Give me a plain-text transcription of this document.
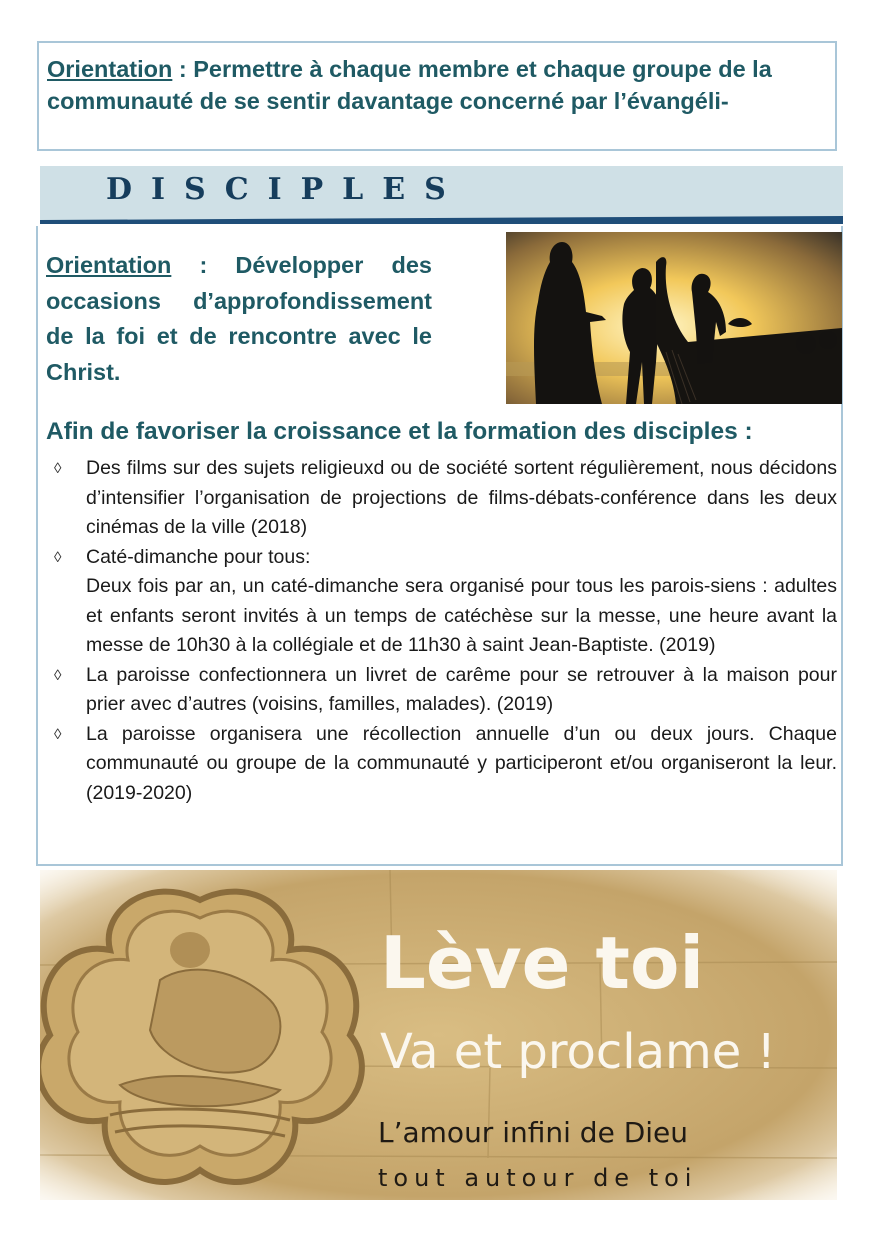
Orientation : Permettre à chaque membre et chaque groupe de la communauté de se sentir davantage concerné par l’évangéli-
DISCIPLES
Orientation : Développer des occasions d’approfondissement de la foi et de rencontre avec le Christ.
Afin de favoriser la croissance et la formation des disciples :
◊ Des films sur des sujets religieuxd ou de société sortent régulièrement, nous décidons d’intensifier l’organisation de projections de films-débats-conférence dans les deux cinémas de la ville (2018)
◊ Caté-dimanche pour tous:
Deux fois par an, un caté-dimanche sera organisé pour tous les parois-siens : adultes et enfants seront invités à un temps de catéchèse sur la messe, une heure avant la messe de 10h30 à la collégiale et de 11h30 à saint Jean-Baptiste. (2019)
◊ La paroisse confectionnera un livret de carême pour se retrouver à la maison pour prier avec d’autres (voisins, familles, malades). (2019)
◊ La paroisse organisera une récollection annuelle d’un ou deux jours. Chaque communauté ou groupe de la communauté y participeront et/ou organiseront la leur. (2019-2020)
Lève toi
Va et proclame !
L’amour infini de Dieu
tout autour de toi
